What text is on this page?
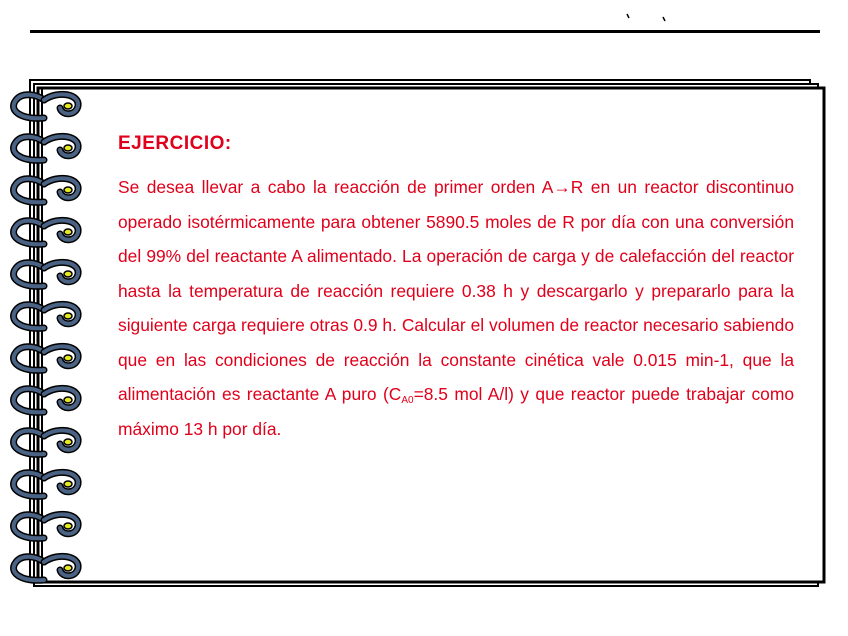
EJERCICIO:

Se desea llevar a cabo la reacción de primer orden A→R en un reactor discontinuo operado isotérmicamente para obtener 5890.5 moles de R por día con una conversión del 99% del reactante A alimentado. La operación de carga y de calefacción del reactor hasta la temperatura de reacción requiere 0.38 h y descargarlo y prepararlo para la siguiente carga requiere otras 0.9 h. Calcular el volumen de reactor necesario sabiendo que en las condiciones de reacción la constante cinética vale 0.015 min-1, que la alimentación es reactante A puro ($C_{A0}=8.5$ mol A/l) y que reactor puede trabajar como máximo 13 h por día.
